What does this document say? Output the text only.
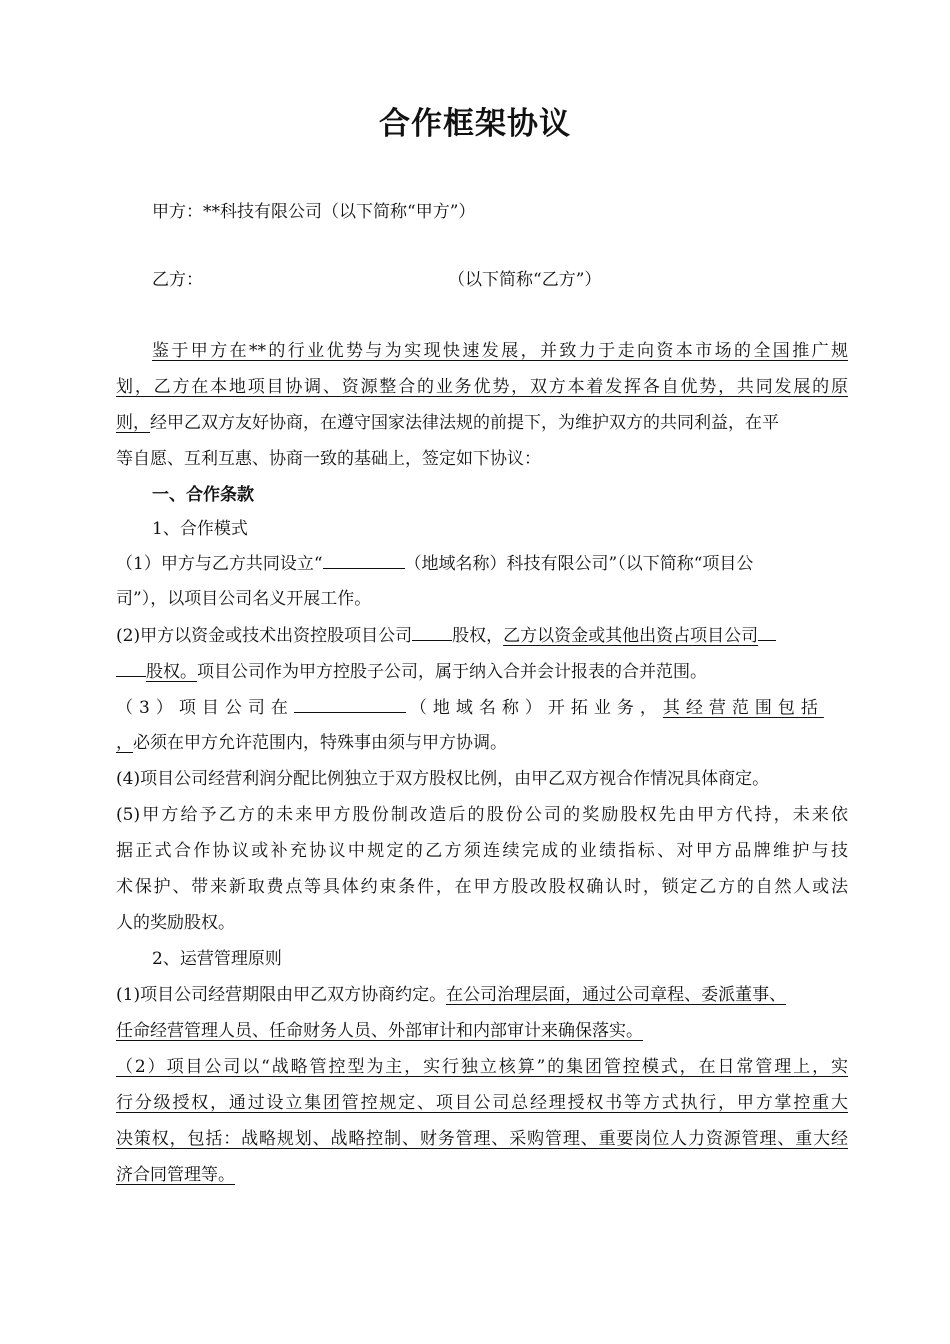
合作框架协议
甲方：**科技有限公司（以下简称“甲方”）
乙方：	（以下简称“乙方”）
鉴于甲方在**的行业优势与为实现快速发展，并致力于走向资本市场的全国推广规
划，乙方在本地项目协调、资源整合的业务优势，双方本着发挥各自优势，共同发展的原
则，经甲乙双方友好协商，在遵守国家法律法规的前提下，为维护双方的共同利益，在平
等自愿、互利互惠、协商一致的基础上，签定如下协议：
一、合作条款
1、合作模式
（1）甲方与乙方共同设立“	（地域名称）科技有限公司”（以下简称“项目公
司”），以项目公司名义开展工作。
(2)甲方以资金或技术出资控股项目公司 股权，乙方以资金或其他出资占项目公司
股权。项目公司作为甲方控股子公司，属于纳入合并会计报表的合并范围。
（3）项目公司在	（地域名称）开拓业务，其经营范围包括
，必须在甲方允许范围内，特殊事由须与甲方协调。
(4)项目公司经营利润分配比例独立于双方股权比例，由甲乙双方视合作情况具体商定。
(5)甲方给予乙方的未来甲方股份制改造后的股份公司的奖励股权先由甲方代持，未来依
据正式合作协议或补充协议中规定的乙方须连续完成的业绩指标、对甲方品牌维护与技
术保护、带来新取费点等具体约束条件，在甲方股改股权确认时，锁定乙方的自然人或法
人的奖励股权。
2、运营管理原则
(1)项目公司经营期限由甲乙双方协商约定。在公司治理层面，通过公司章程、委派董事、
任命经营管理人员、任命财务人员、外部审计和内部审计来确保落实。
（2）项目公司以“战略管控型为主，实行独立核算”的集团管控模式，在日常管理上，实
行分级授权，通过设立集团管控规定、项目公司总经理授权书等方式执行，甲方掌控重大
决策权，包括：战略规划、战略控制、财务管理、采购管理、重要岗位人力资源管理、重大经
济合同管理等。
